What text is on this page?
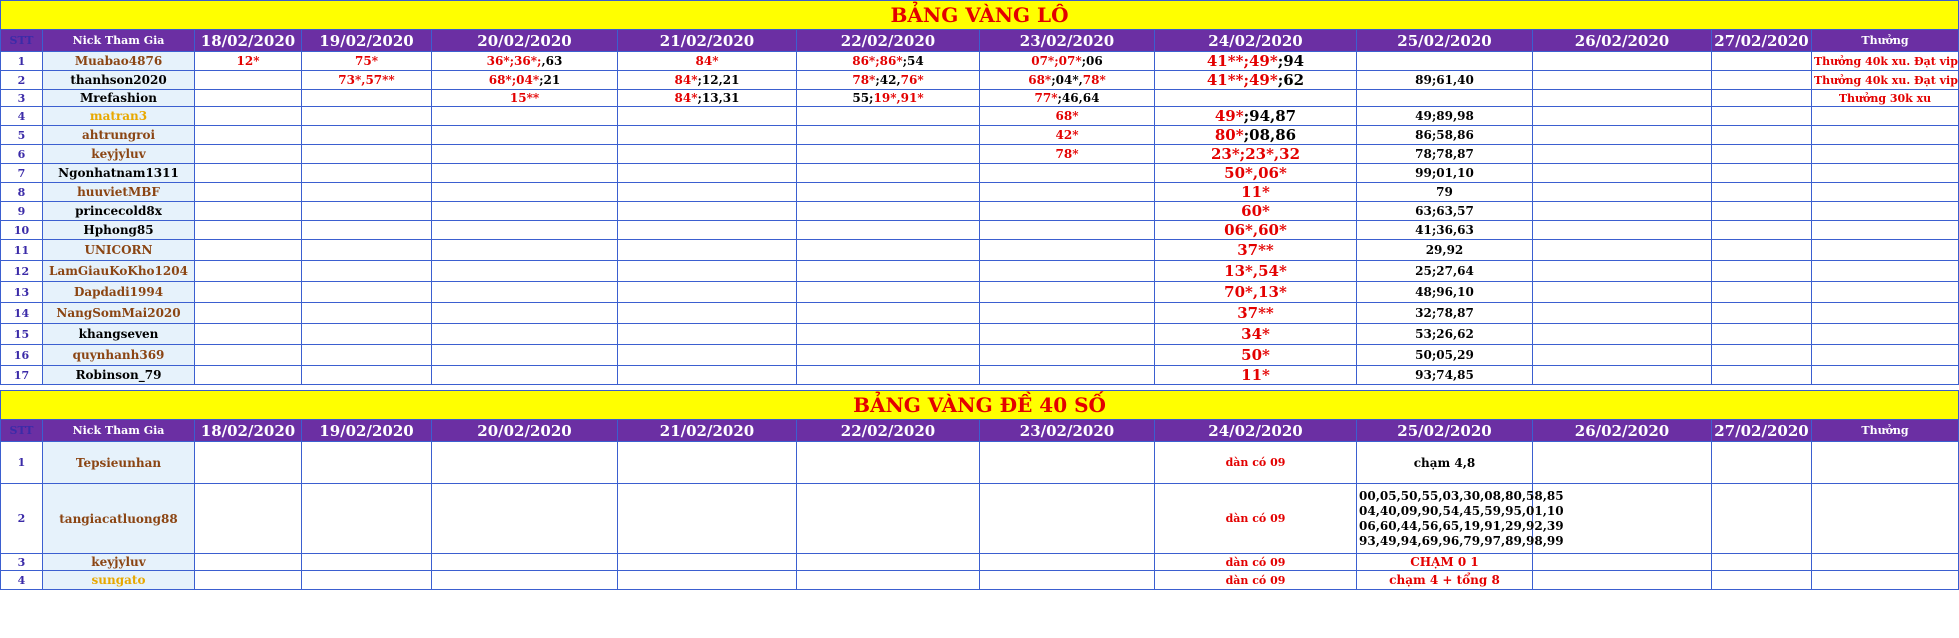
BẢNG VÀNG LÔ												
STT	Nick Tham Gia	18/02/2020	19/02/2020	20/02/2020	21/02/2020	22/02/2020	23/02/2020	24/02/2020	25/02/2020	26/02/2020	27/02/2020	Thưởng
1	Muabao4876	12*	75*	36*;36*;,63	84*	86*;86*;54	07*;07*;06	41**;49*;94				Thưởng 40k xu. Đạt vip
2	thanhson2020		73*,57**	68*;04*;21	84*;12,21	78*;42,76*	68*;04*,78*	41**;49*;62	89;61,40			Thưởng 40k xu. Đạt vip
3	Mrefashion			15**	84*;13,31	55;19*,91*	77*;46,64					Thưởng 30k xu
4	matran3						68*	49*;94,87	49;89,98			
5	ahtrungroi						42*	80*;08,86	86;58,86			
6	keyjyluv						78*	23*;23*,32	78;78,87			
7	Ngonhatnam1311							50*,06*	99;01,10			
8	huuvietMBF							11*	79			
9	princecold8x							60*	63;63,57			
10	Hphong85							06*,60*	41;36,63			
11	UNICORN							37**	29,92			
12	LamGiauKoKho1204							13*,54*	25;27,64			
13	Dapdadi1994							70*,13*	48;96,10			
14	NangSomMai2020							37**	32;78,87			
15	khangseven							34*	53;26,62			
16	quynhanh369							50*	50;05,29			
17	Robinson_79							11*	93;74,85			

BẢNG VÀNG ĐỀ 40 SỐ												
STT	Nick Tham Gia	18/02/2020	19/02/2020	20/02/2020	21/02/2020	22/02/2020	23/02/2020	24/02/2020	25/02/2020	26/02/2020	27/02/2020	Thưởng
1	Tepsieunhan							dàn có 09	chạm 4,8			
2	tangiacatluong88							dàn có 09	00,05,50,55,03,30,08,80,58,85
04,40,09,90,54,45,59,95,01,10
06,60,44,56,65,19,91,29,92,39
93,49,94,69,96,79,97,89,98,99			

3	keyjyluv							dàn có 09	CHẠM 0 1			
4	sungato							dàn có 09	chạm 4 + tổng 8			
